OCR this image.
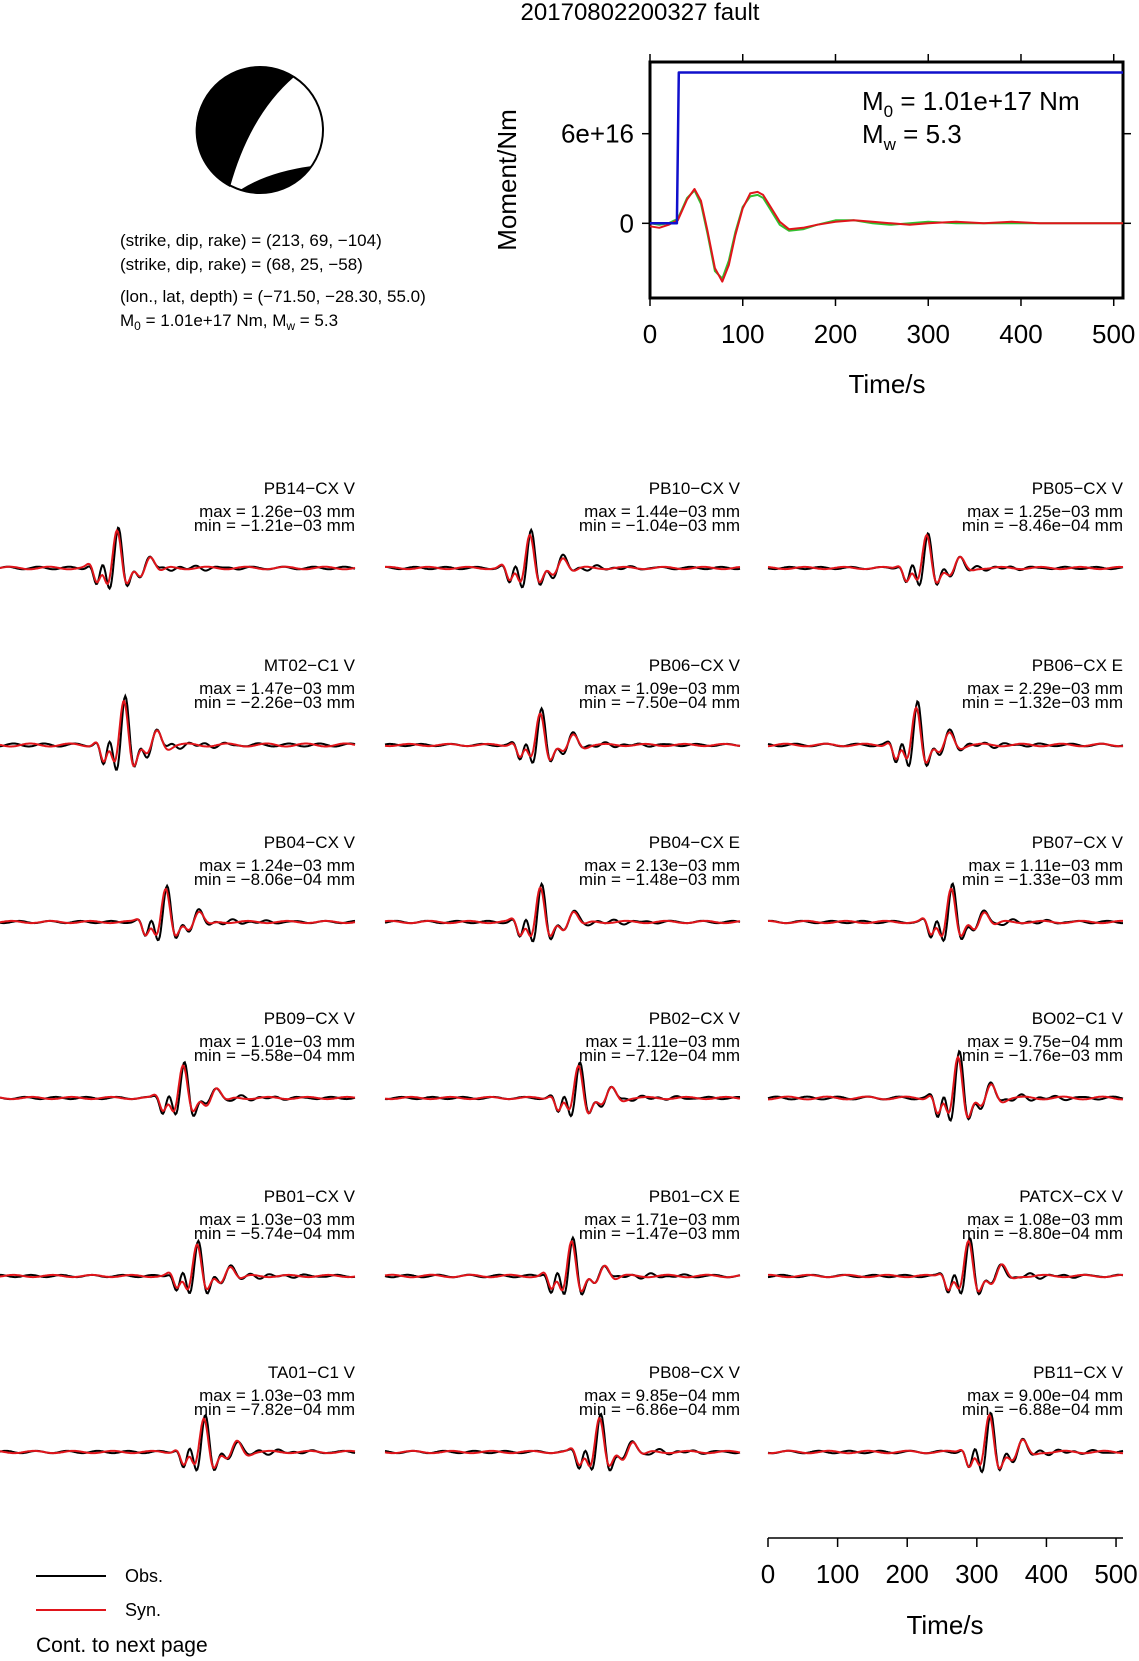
20170802200327 fault
(strike, dip, rake) = (213, 69, −104)
(strike, dip, rake) = (68, 25, −58)
(lon., lat, depth) = (−71.50, −28.30, 55.0)
$M_0 = 1.01e+17$ Nm, $M_w = 5.3$	0 100 200 300 400 500
0
6e+16
Moment/Nm
Time/s
$M_0 = 1.01e+17$ Nm
$M_w = 5.3$
PB14−CX V
max = 1.26e−03 mm
min = −1.21e−03 mm
PB10−CX V
max = 1.44e−03 mm
min = −1.04e−03 mm
PB05−CX V
max = 1.25e−03 mm
min = −8.46e−04 mm
MT02−C1 V
max = 1.47e−03 mm
min = −2.26e−03 mm
PB06−CX V
max = 1.09e−03 mm
min = −7.50e−04 mm
PB06−CX E
max = 2.29e−03 mm
min = −1.32e−03 mm
PB04−CX V
max = 1.24e−03 mm
min = −8.06e−04 mm
PB04−CX E
max = 2.13e−03 mm
min = −1.48e−03 mm
PB07−CX V
max = 1.11e−03 mm
min = −1.33e−03 mm
PB09−CX V
max = 1.01e−03 mm
min = −5.58e−04 mm
PB02−CX V
max = 1.11e−03 mm
min = −7.12e−04 mm
BO02−C1 V
max = 9.75e−04 mm
min = −1.76e−03 mm
PB01−CX V
max = 1.03e−03 mm
min = −5.74e−04 mm
PB01−CX E
max = 1.71e−03 mm
min = −1.47e−03 mm
PATCX−CX V
max = 1.08e−03 mm
min = −8.80e−04 mm
TA01−C1 V
max = 1.03e−03 mm
min = −7.82e−04 mm
PB08−CX V
max = 9.85e−04 mm
min = −6.86e−04 mm
PB11−CX V
max = 9.00e−04 mm
min = −6.88e−04 mm
Time/s
0 100 200 300 400 500
Obs.
Syn.
Cont. to next page
